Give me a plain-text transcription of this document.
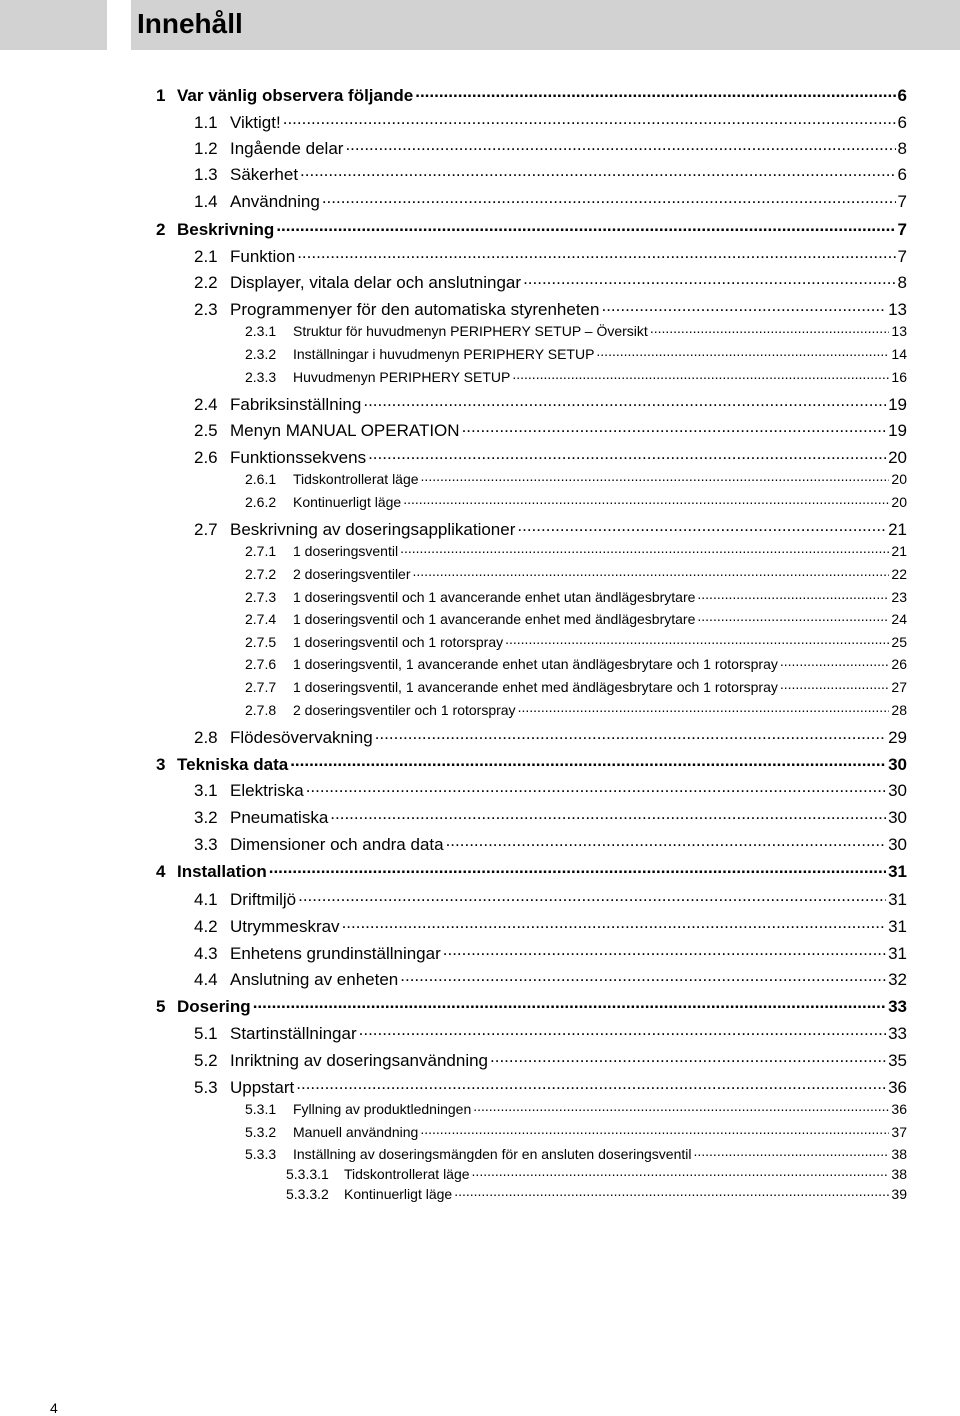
Innehåll
1 Var vänlig observera följande .....	6
1.1 Viktigt! .....	6
1.2 Ingående delar .....	8
1.3 Säkerhet .....	6
1.4 Användning .....	7
2 Beskrivning .....	7
2.1 Funktion .....	7
2.2 Displayer, vitala delar och anslutningar .....	8
2.3 Programmenyer för den automatiska styrenheten .....	13
2.3.1	Struktur för huvudmenyn PERIPHERY SETUP – Översikt .....	13
2.3.2	Inställningar i huvudmenyn PERIPHERY SETUP .....	14
2.3.3	Huvudmenyn PERIPHERY SETUP .....	16
2.4 Fabriksinställning .....	19
2.5 Menyn MANUAL OPERATION .....	19
2.6 Funktionssekvens .....	20
2.6.1	Tidskontrollerat läge .....	20
2.6.2	Kontinuerligt läge .....	20
2.7 Beskrivning av doseringsapplikationer .....	21
2.7.1	1 doseringsventil .....	21
2.7.2	2 doseringsventiler .....	22
2.7.3	1 doseringsventil och 1 avancerande enhet utan ändlägesbrytare .....	23
2.7.4	1 doseringsventil och 1 avancerande enhet med ändlägesbrytare .....	24
2.7.5	1 doseringsventil och 1 rotorspray .....	25
2.7.6	1 doseringsventil, 1 avancerande enhet utan ändlägesbrytare och 1 rotorspray .....	26
2.7.7	1 doseringsventil, 1 avancerande enhet med ändlägesbrytare och 1 rotorspray .....	27
2.7.8	2 doseringsventiler och 1 rotorspray .....	28
2.8 Flödesövervakning .....	29
3 Tekniska data .....	30
3.1 Elektriska .....	30
3.2 Pneumatiska .....	30
3.3 Dimensioner och andra data .....	30
4 Installation .....	31
4.1 Driftmiljö .....	31
4.2 Utrymmeskrav .....	31
4.3 Enhetens grundinställningar .....	31
4.4 Anslutning av enheten .....	32
5 Dosering .....	33
5.1 Startinställningar .....	33
5.2 Inriktning av doseringsanvändning .....	35
5.3 Uppstart .....	36
5.3.1	Fyllning av produktledningen .....	36
5.3.2	Manuell användning .....	37
5.3.3	Inställning av doseringsmängden för en ansluten doseringsventil .....	38
5.3.3.1	Tidskontrollerat läge .....	38
5.3.3.2	Kontinuerligt läge .....	39
4
